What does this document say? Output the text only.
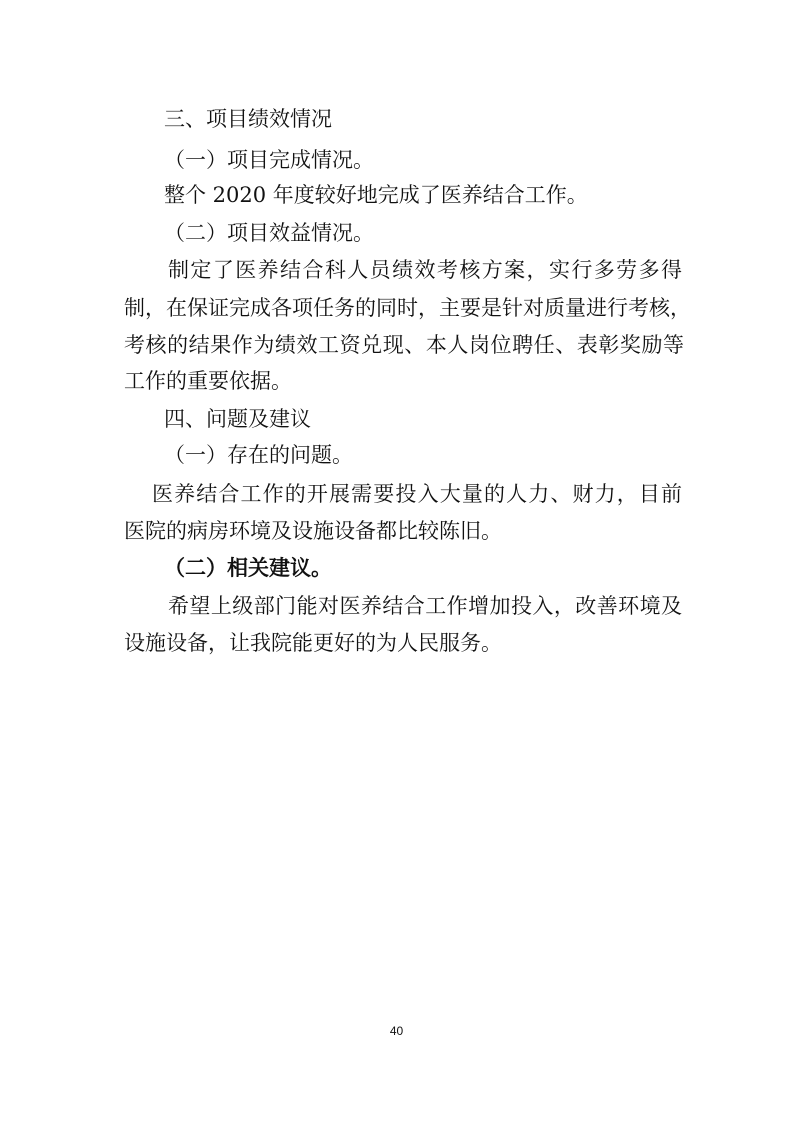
三、项目绩效情况
（一）项目完成情况。
整个 2020 年度较好地完成了医养结合工作。
（二）项目效益情况。
制定了医养结合科人员绩效考核方案，实行多劳多得
制，在保证完成各项任务的同时，主要是针对质量进行考核，
考核的结果作为绩效工资兑现、本人岗位聘任、表彰奖励等
工作的重要依据。
四、问题及建议
（一）存在的问题。
医养结合工作的开展需要投入大量的人力、财力，目前
医院的病房环境及设施设备都比较陈旧。
（二）相关建议。
希望上级部门能对医养结合工作增加投入，改善环境及
设施设备，让我院能更好的为人民服务。
40
